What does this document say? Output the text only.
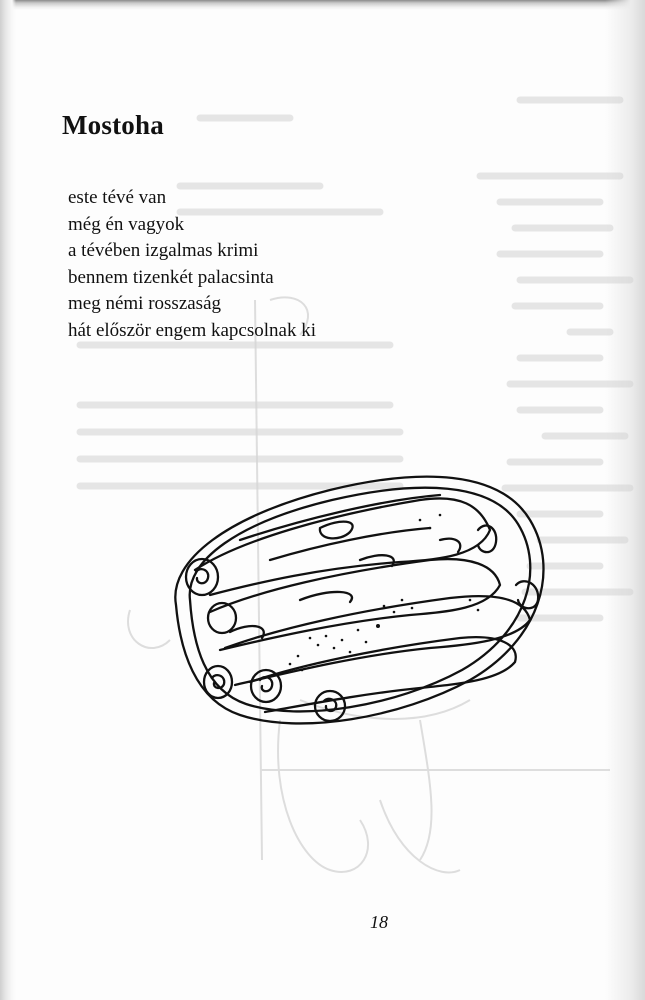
Mostoha
este tévé van
még én vagyok
a tévében izgalmas krimi
bennem tizenkét palacsinta
meg némi rosszaság
hát először engem kapcsolnak ki
18
